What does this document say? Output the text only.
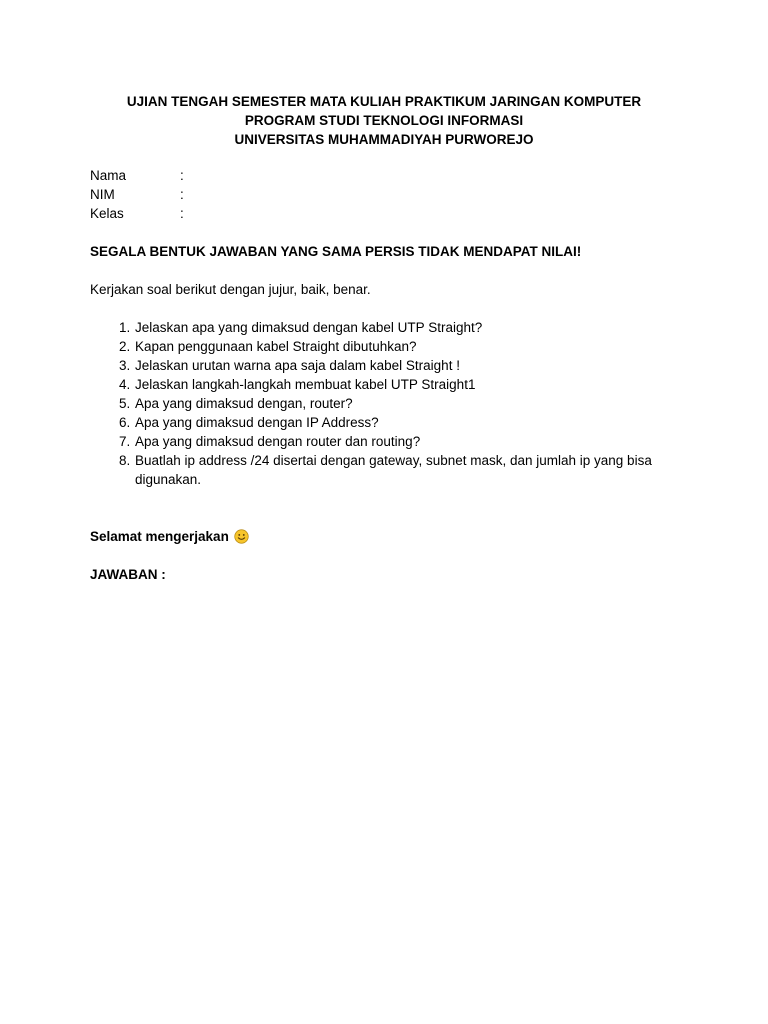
UJIAN TENGAH SEMESTER MATA KULIAH PRAKTIKUM JARINGAN KOMPUTER
PROGRAM STUDI TEKNOLOGI INFORMASI
UNIVERSITAS MUHAMMADIYAH PURWOREJO
Nama	:
NIM	:
Kelas	:
SEGALA BENTUK JAWABAN YANG SAMA PERSIS TIDAK MENDAPAT NILAI!
Kerjakan soal berikut dengan jujur, baik, benar.
1. Jelaskan apa yang dimaksud dengan kabel UTP Straight?
2. Kapan penggunaan kabel Straight dibutuhkan?
3. Jelaskan urutan warna apa saja dalam kabel Straight !
4. Jelaskan langkah-langkah membuat kabel UTP Straight1
5. Apa yang dimaksud dengan, router?
6. Apa yang dimaksud dengan IP Address?
7. Apa yang dimaksud dengan router dan routing?
8. Buatlah ip address /24 disertai dengan gateway, subnet mask, dan jumlah ip yang bisa digunakan.
Selamat mengerjakan
JAWABAN :
